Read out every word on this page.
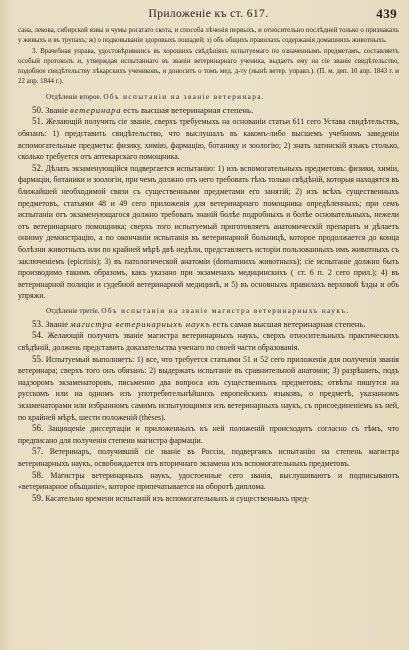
Приложеніе къ ст. 617.	439

сана, лекова, сибирской язвы и чумы рогатаго скота, и способа лѣченія первыхъ, и относительно послѣдней только о признакахъ у живыхъ и въ трупахъ; ж) о подковываніи здоровыхъ лошадей; з) объ общихъ правилахъ содержанія домашнихъ животныхъ.

3. Врачебная управа, удостовѣрившись въ хорошихъ свѣдѣніяхъ испытуемаго по означеннымъ предметамъ, составляетъ особый протоколъ и, утверждая испытаннаго въ званіи ветеринарнаго ученика, выдаетъ ему на сіе званіе свидѣтельство, подобное свидѣтельству лѣкарскихъ учениковъ, и доноситъ о томъ мед. д-ту (иынѣ ветер. управл.). (П. м. деп. 10 апр. 1843 г. и 22 апр. 1844 г.).

Отдѣленіе второе. Объ испытаніи на званіе ветеринара.

50. Званіе ветеринара есть высшая ветеринарная степень.

51. Желающій получить сіе званіе, сверхъ требуемыхъ на основаніи статьи 611 сего Устава свидѣтельствъ, обязанъ: 1) представить свидѣтельство, что выслушалъ въ какомъ-либо высшемъ учебномъ заведеніи вспомогательные предметы: физику, химію, фармацію, ботанику и зоологію; 2) знать латинскій языкъ столько, сколько требуется отъ аптекарскаго помощника.

52. Дѣлать экзаменующійся подвергается испытанію: 1) изъ вспомогательныхъ предметовъ: физики, химіи, фармаціи, ботаники и зоологіи, при чемъ должно отъ него требовать тѣхъ только свѣдѣній, которыя находятся въ ближайшей необходимой связи съ существенными предметами его занятій; 2) изъ всѣхъ существенныхъ предметовъ, статьями 48 и 49 сего приложенія для ветеринарнаго помощника опредѣленныхъ; при семъ испытаніи отъ экзаменующагося должно требовать знаній болѣе подробныхъ и болѣе основательныхъ, нежели отъ ветеринарнаго помощника; сверхъ того испытуемый приготовляетъ анатомическій препаратъ и дѣлаетъ онному демонстрацію, а по окончаніи испытанія въ ветеринарной больницѣ, которое продолжается до конца болѣзни животныхъ или по крайней мѣрѣ двѣ недѣли, представляетъ исторіи пользованныхъ имъ животныхъ съ заключеніемъ (epicrisis); 3) въ патологической анатоміи (domamнихъ животныхъ); сіе испытаніе должно быть производимо такимъ образомъ, какъ указано при экзаменахъ медицинскихъ ( ст. 6 п. 2 сего прил.); 4) въ ветеринарной полиціи и судебной ветеринарной медицинѣ, и 5) въ основныхъ правилахъ верховой ѣзды и объ упряжи.

Отдѣленіе третіе. Объ испытаніи на званіе магистра ветеринарныхъ наукъ.

53. Званіе магистра ветеринарныхъ наукъ есть самая высшая ветеринарная степень.

54. Желающій получить званіе магистра ветеринарныхъ наукъ, сверхъ относительныхъ практическихъ свѣдѣній, должень представить доказательства ученаго по своей части образованія.

55. Испытуемый выполняетъ: 1) все, что требуется статьями 51 и 52 сего приложенія для полученія званія ветеринара; сверхъ того онъ обязанъ: 2) выдержать испытаніе въ сравнительной анатоміи; 3) разрѣшить, подъ надзоромъ экзаменаторовъ, письменно два вопроса изъ существенныхъ предметовъ; отвѣты пишутся на русскомъ или на одномъ изъ употребительнѣйшихъ европейскихъ языковъ, о предметѣ, указанномъ экзаменаторами или избранномъ самимъ испытующимся изъ ветеринарныхъ наукъ, съ присоединеніемъ къ ней, по крайней мѣрѣ, шести положеній (thèses).

56. Защищеніе диссертаціи и приложенныхъ къ ней положеній происходитъ согласно съ тѣмъ, что предписано для полученія степени магистра фармаціи.

57. Ветеринаръ, получившій сіе званіе въ Россіи, подвергаясь испытанію на степень магистра ветеринарныхъ наукъ, освобождается отъ вторичнаго экзамена изъ вспомогательныхъ предметовъ.

58. Магистры ветеринарныхъ наукъ, удостоенные сего званія, выслушиваютъ и подписываютъ «ветеринарное объщаніе», которое припечатывается на оборотѣ диплома.

59. Касательно времени испытаній изъ вспомогательныхъ и существенныхъ пред-
